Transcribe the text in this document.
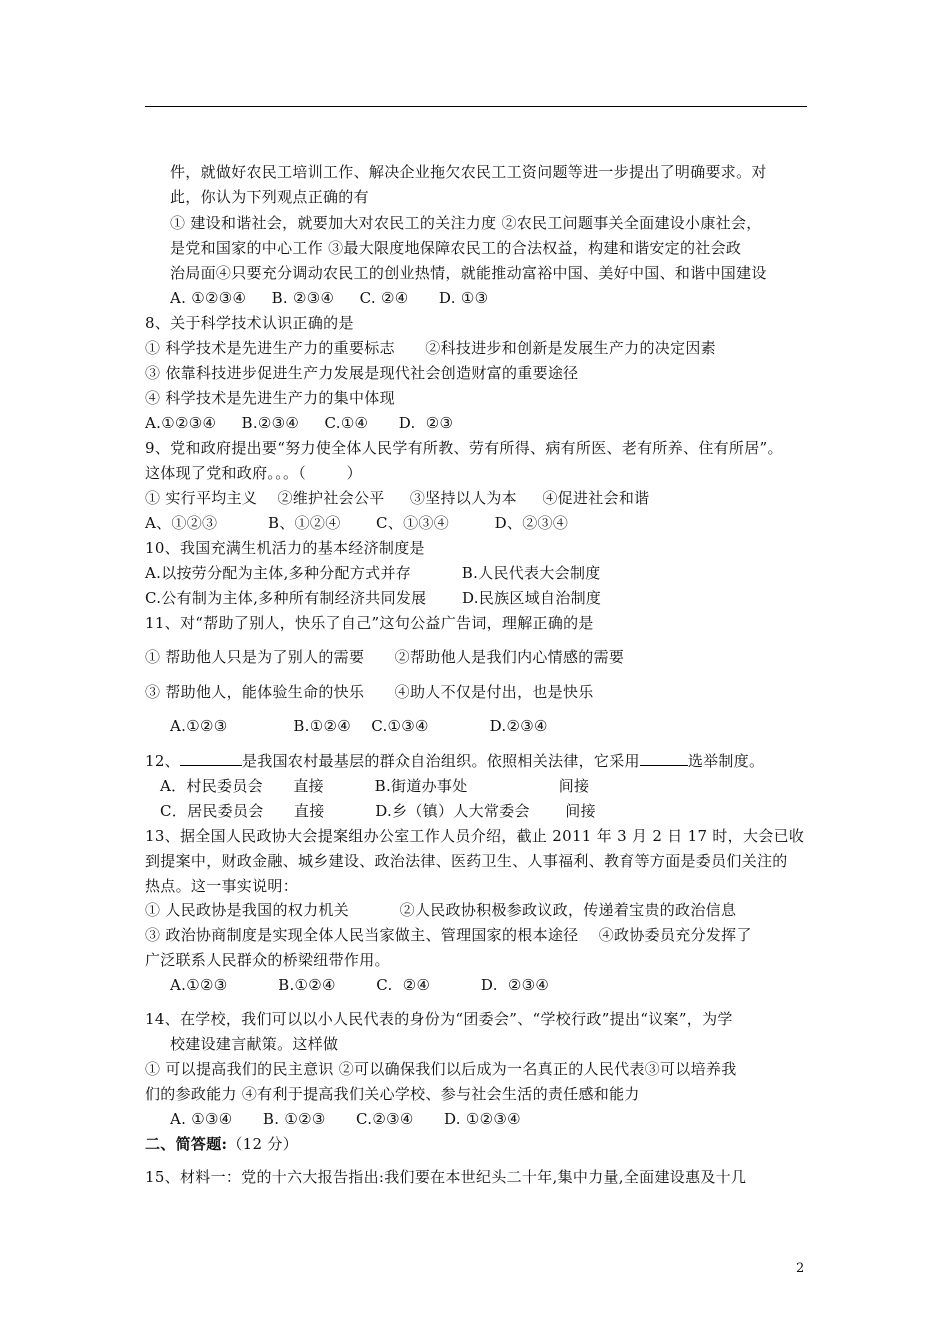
件，就做好农民工培训工作、解决企业拖欠农民工工资问题等进一步提出了明确要求。对
此，你认为下列观点正确的有
① 建设和谐社会，就要加大对农民工的关注力度 ②农民工问题事关全面建设小康社会，
是党和国家的中心工作 ③最大限度地保障农民工的合法权益，构建和谐安定的社会政
治局面④只要充分调动农民工的创业热情，就能推动富裕中国、美好中国、和谐中国建设
A. ①②③④     B. ②③④     C. ②④      D. ①③
8、关于科学技术认识正确的是
① 科学技术是先进生产力的重要标志      ②科技进步和创新是发展生产力的决定因素
③ 依靠科技进步促进生产力发展是现代社会创造财富的重要途径
④ 科学技术是先进生产力的集中体现
A.①②③④     B.②③④     C.①④      D.  ②③
9、党和政府提出要“努力使全体人民学有所教、劳有所得、病有所医、老有所养、住有所居”。
这体现了党和政府。。。（        ）
① 实行平均主义    ②维护社会公平     ③坚持以人为本     ④促进社会和谐
A、①②③          B、①②④       C、①③④         D、②③④
10、我国充满生机活力的基本经济制度是
A.以按劳分配为主体,多种分配方式并存          B.人民代表大会制度
C.公有制为主体,多种所有制经济共同发展       D.民族区域自治制度
11、对“帮助了别人，快乐了自己”这句公益广告词，理解正确的是
① 帮助他人只是为了别人的需要      ②帮助他人是我们内心情感的需要
③ 帮助他人，能体验生命的快乐      ④助人不仅是付出，也是快乐
A.①②③             B.①②④    C.①③④            D.②③④
12、	是我国农村最基层的群众自治组织。依照相关法律，它采用	选举制度。
A．村民委员会      直接          B.街道办事处                  间接
C．居民委员会      直接          D.乡（镇）人大常委会       间接
13、据全国人民政协大会提案组办公室工作人员介绍，截止 2011 年 3 月 2 日 17 时，大会已收
到提案中，财政金融、城乡建设、政治法律、医药卫生、人事福利、教育等方面是委员们关注的
热点。这一事实说明：
① 人民政协是我国的权力机关          ②人民政协积极参政议政，传递着宝贵的政治信息
③ 政治协商制度是实现全体人民当家做主、管理国家的根本途径    ④政协委员充分发挥了
广泛联系人民群众的桥梁纽带作用。
A.①②③          B.①②④        C.  ②④          D.  ②③④
14、在学校，我们可以以小人民代表的身份为“团委会”、“学校行政”提出“议案”，为学
校建设建言献策。这样做
① 可以提高我们的民主意识 ②可以确保我们以后成为一名真正的人民代表③可以培养我
们的参政能力 ④有利于提高我们关心学校、参与社会生活的责任感和能力
A. ①③④      B. ①②③      C.②③④      D. ①②③④
二、简答题:（12 分）
15、材料一：党的十六大报告指出:我们要在本世纪头二十年,集中力量,全面建设惠及十几
2
